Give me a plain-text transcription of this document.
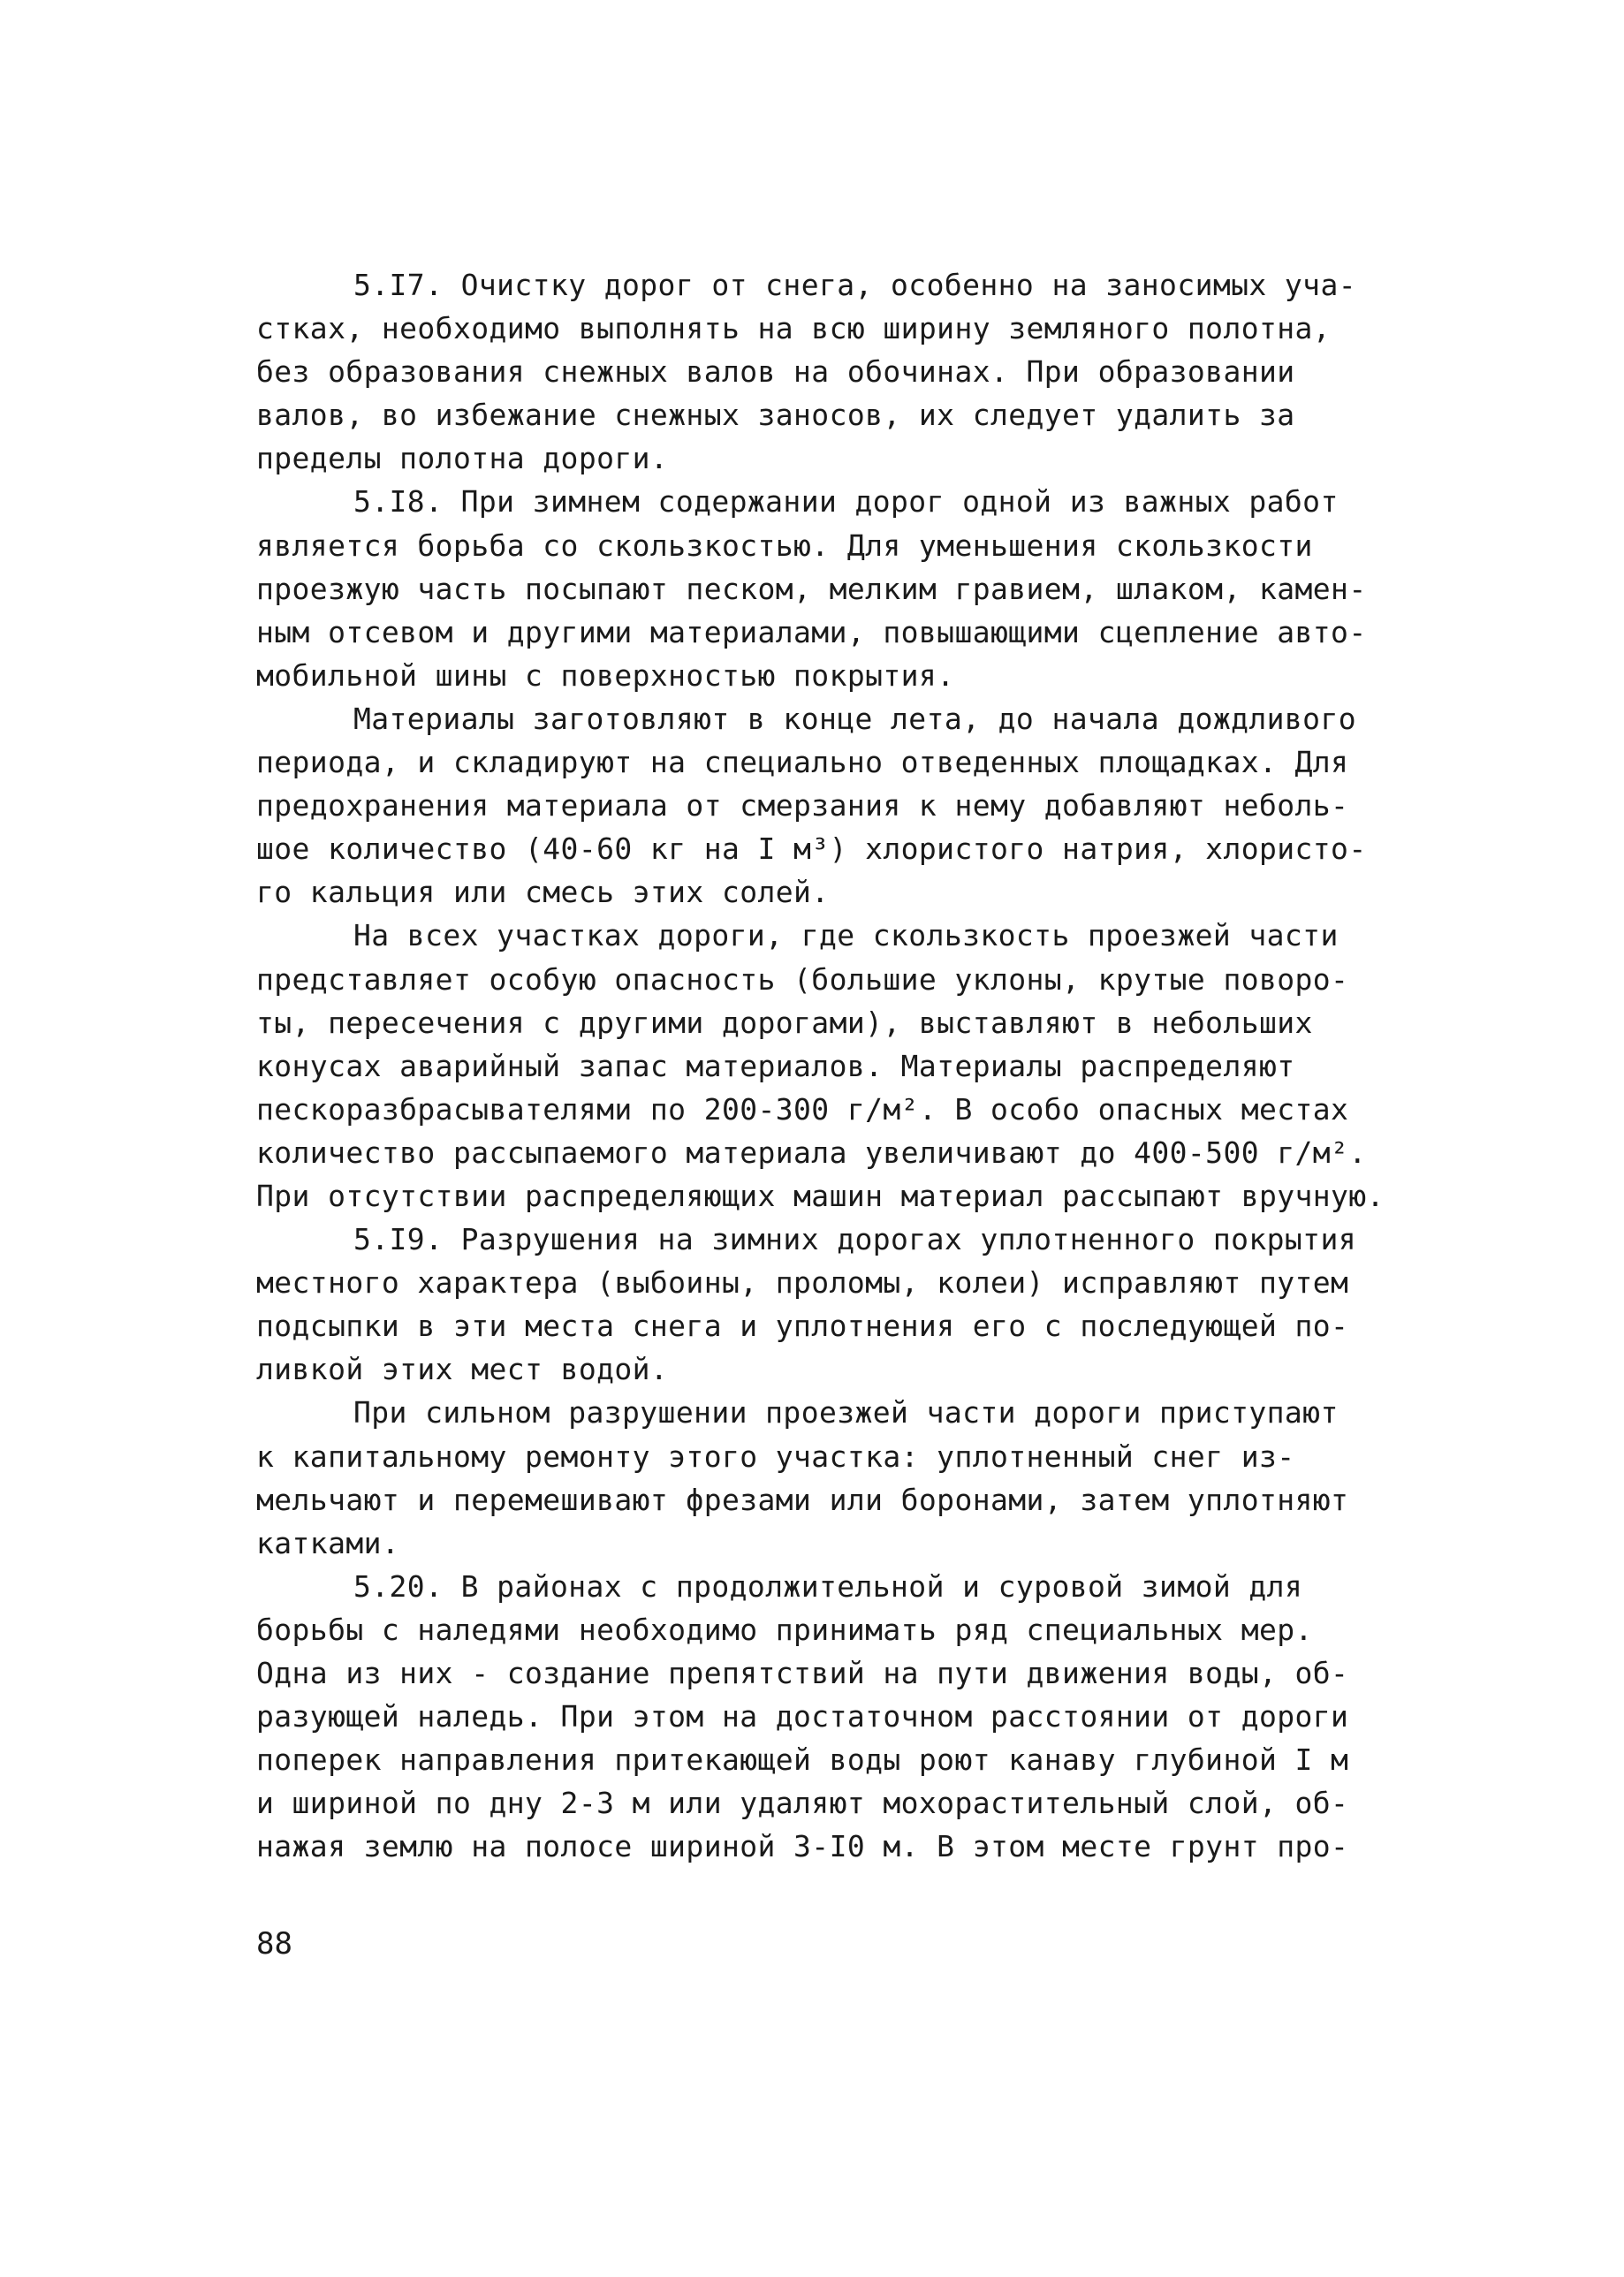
5.I7. Очистку дорог от снега, особенно на заносимых уча-
стках, необходимо выполнять на всю ширину земляного полотна,
без образования снежных валов на обочинах. При образовании
валов, во избежание снежных заносов, их следует удалить за
пределы полотна дороги.
5.I8. При зимнем содержании дорог одной из важных работ
является борьба со скользкостью. Для уменьшения скользкости
проезжую часть посыпают песком, мелким гравием, шлаком, камен-
ным отсевом и другими материалами, повышающими сцепление авто-
мобильной шины с поверхностью покрытия.
Материалы заготовляют в конце лета, до начала дождливого
периода, и складируют на специально отведенных площадках. Для
предохранения материала от смерзания к нему добавляют неболь-
шое количество (40-60 кг на I м³) хлористого натрия, хлористо-
го кальция или смесь этих солей.
На всех участках дороги, где скользкость проезжей части
представляет особую опасность (большие уклоны, крутые поворо-
ты, пересечения с другими дорогами), выставляют в небольших
конусах аварийный запас материалов. Материалы распределяют
пескоразбрасывателями по 200-300 г/м². В особо опасных местах
количество рассыпаемого материала увеличивают до 400-500 г/м².
При отсутствии распределяющих машин материал рассыпают вручную.
5.I9. Разрушения на зимних дорогах уплотненного покрытия
местного характера (выбоины, проломы, колеи) исправляют путем
подсыпки в эти места снега и уплотнения его с последующей по-
ливкой этих мест водой.
При сильном разрушении проезжей части дороги приступают
к капитальному ремонту этого участка: уплотненный снег из-
мельчают и перемешивают фрезами или боронами, затем уплотняют
катками.
5.20. В районах с продолжительной и суровой зимой для
борьбы с наледями необходимо принимать ряд специальных мер.
Одна из них - создание препятствий на пути движения воды, об-
разующей наледь. При этом на достаточном расстоянии от дороги
поперек направления притекающей воды роют канаву глубиной I м
и шириной по дну 2-3 м или удаляют мохорастительный слой, об-
нажая землю на полосе шириной 3-I0 м. В этом месте грунт про-
88
